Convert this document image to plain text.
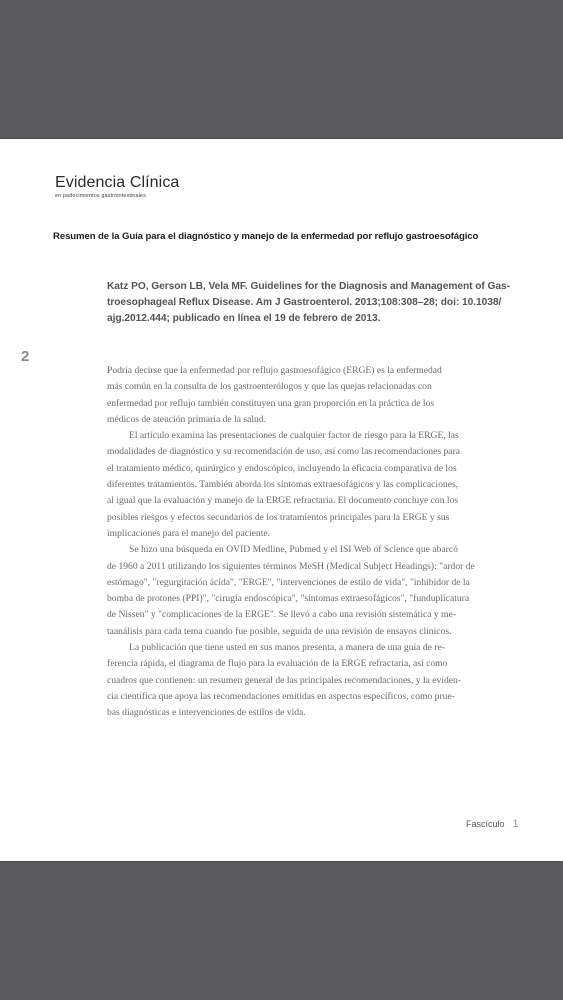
Evidencia Clínica
en padecimientos gastrointestinales
Resumen de la Guía para el diagnóstico y manejo de la enfermedad por reflujo gastroesofágico
Katz PO, Gerson LB, Vela MF. Guidelines for the Diagnosis and Management of Gas-
troesophageal Reflux Disease. Am J Gastroenterol. 2013;108:308–28; doi: 10.1038/
ajg.2012.444; publicado en línea el 19 de febrero de 2013.
2
Podría decirse que la enfermedad por reflujo gastroesofágico (ERGE) es la enfermedad
más común en la consulta de los gastroenterólogos y que las quejas relacionadas con
enfermedad por reflujo también constituyen una gran proporción en la práctica de los
médicos de atención primaria de la salud.
El artículo examina las presentaciones de cualquier factor de riesgo para la ERGE, las
modalidades de diagnóstico y su recomendación de uso, así como las recomendaciones para
el tratamiento médico, quirúrgico y endoscópico, incluyendo la eficacia comparativa de los
diferentes tratamientos. También aborda los síntomas extraesofágicos y las complicaciones,
al igual que la evaluación y manejo de la ERGE refractaria. El documento concluye con los
posibles riesgos y efectos secundarios de los tratamientos principales para la ERGE y sus
implicaciones para el manejo del paciente.
Se hizo una búsqueda en OVID Medline, Pubmed y el ISI Web of Science que abarcó
de 1960 a 2011 utilizando los siguientes términos MeSH (Medical Subject Headings): "ardor de
estómago", "regurgitación ácida", "ERGE", "intervenciones de estilo de vida", "inhibidor de la
bomba de protones (PPI)", "cirugía endoscópica", "síntomas extraesofágicos", "funduplicatura
de Nissen" y "complicaciones de la ERGE". Se llevó a cabo una revisión sistemática y me-
taanálisis para cada tema cuando fue posible, seguida de una revisión de ensayos clínicos.
La publicación que tiene usted en sus manos presenta, a manera de una guía de re-
ferencia rápida, el diagrama de flujo para la evaluación de la ERGE refractaria, así como
cuadros que contienen: un resumen general de las principales recomendaciones, y la eviden-
cia científica que apoya las recomendaciones emitidas en aspectos específicos, como prue-
bas diagnósticas e intervenciones de estilos de vida.
Fascículo 1
